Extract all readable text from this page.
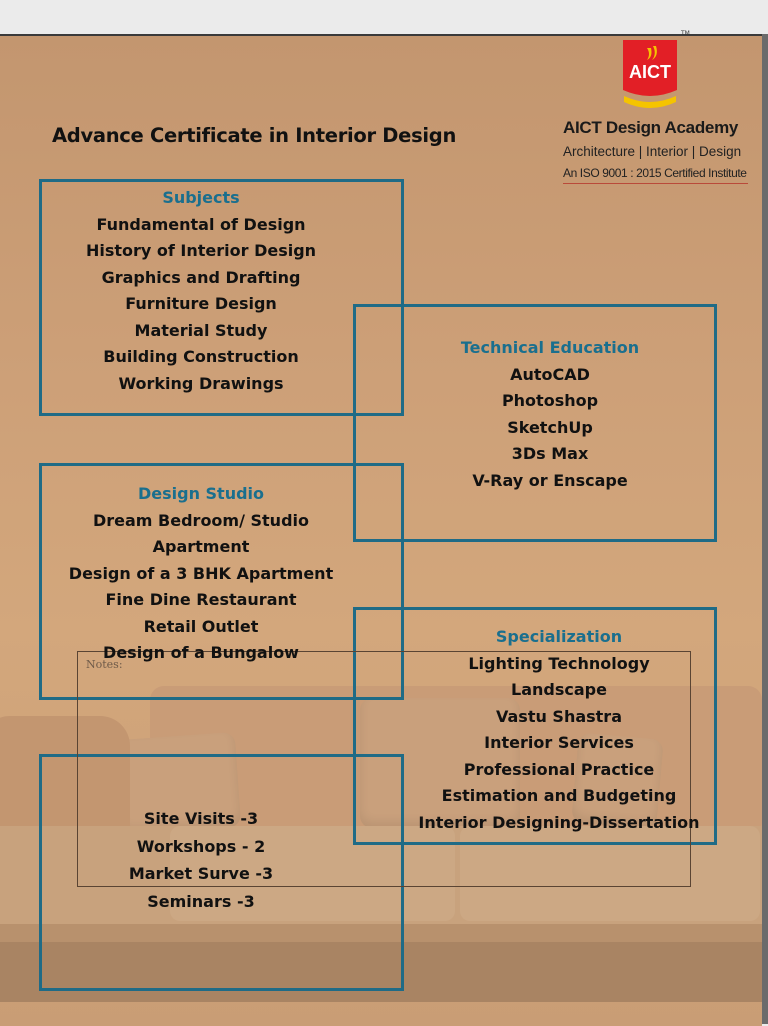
AICT
TM
AICT Design Academy
Architecture | Interior | Design
An ISO 9001 : 2015 Certified Institute
Advance Certificate in Interior Design
Notes:
Subjects
Fundamental of Design
History of Interior Design
Graphics and Drafting
Furniture Design
Material Study
Building Construction
Working Drawings
Technical Education
AutoCAD
Photoshop
SketchUp
3Ds Max
V-Ray or Enscape
Design Studio
Dream Bedroom/ Studio
Apartment
Design of a 3 BHK Apartment
Fine Dine Restaurant
Retail Outlet
Design of a Bungalow
Specialization
Lighting Technology
Landscape
Vastu Shastra
Interior Services
Professional Practice
Estimation and Budgeting
Interior Designing-Dissertation
Site Visits -3
Workshops - 2
Market Surve -3
Seminars -3
